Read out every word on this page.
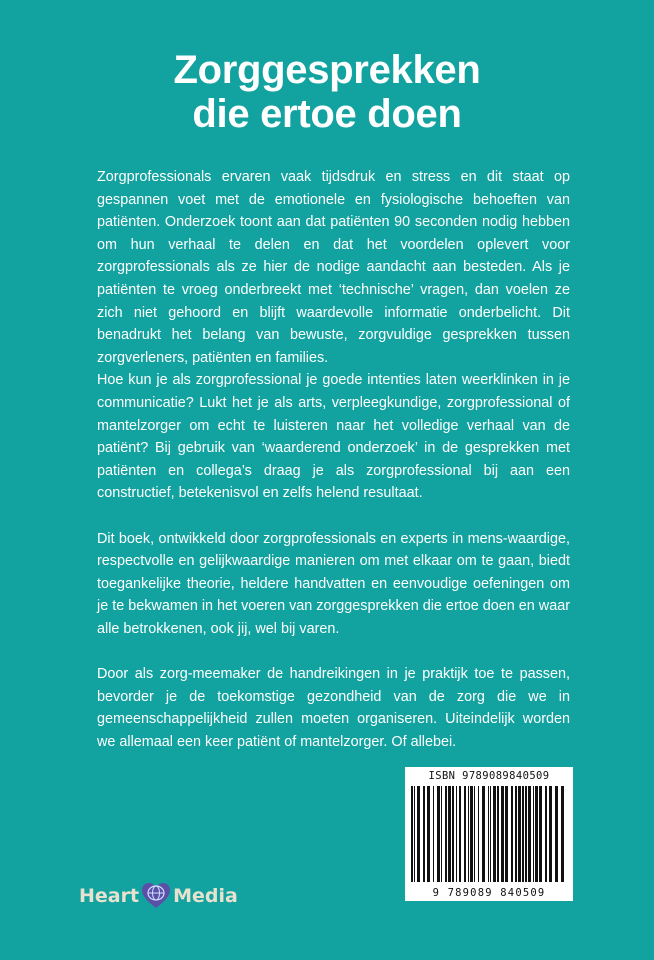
Zorggesprekken
die ertoe doen

Zorgprofessionals ervaren vaak tijdsdruk en stress en dit staat op gespannen voet met de emotionele en fysiologische behoeften van patiënten. Onderzoek toont aan dat patiënten 90 seconden nodig hebben om hun verhaal te delen en dat het voordelen oplevert voor zorgprofessionals als ze hier de nodige aandacht aan besteden. Als je patiënten te vroeg onderbreekt met ‘technische’ vragen, dan voelen ze zich niet gehoord en blijft waardevolle informatie onderbelicht. Dit benadrukt het belang van bewuste, zorgvuldige gesprekken tussen zorgverleners, patiënten en families.

Hoe kun je als zorgprofessional je goede intenties laten weerklinken in je communicatie? Lukt het je als arts, verpleegkundige, zorgprofessional of mantelzorger om echt te luisteren naar het volledige verhaal van de patiënt? Bij gebruik van ‘waarderend onderzoek’ in de gesprekken met patiënten en collega’s draag je als zorgprofessional bij aan een constructief, betekenisvol en zelfs helend resultaat.

Dit boek, ontwikkeld door zorgprofessionals en experts in mens-waardige, respectvolle en gelijkwaardige manieren om met elkaar om te gaan, biedt toegankelijke theorie, heldere handvatten en eenvoudige oefeningen om je te bekwamen in het voeren van zorggesprekken die ertoe doen en waar alle betrokkenen, ook jij, wel bij varen.

Door als zorg-meemaker de handreikingen in je praktijk toe te passen, bevorder je de toekomstige gezondheid van de zorg die we in gemeenschappelijkheid zullen moeten organiseren. Uiteindelijk worden we allemaal een keer patiënt of mantelzorger. Of allebei.

ISBN 9789089840509
9 789089 840509
Heart Media
